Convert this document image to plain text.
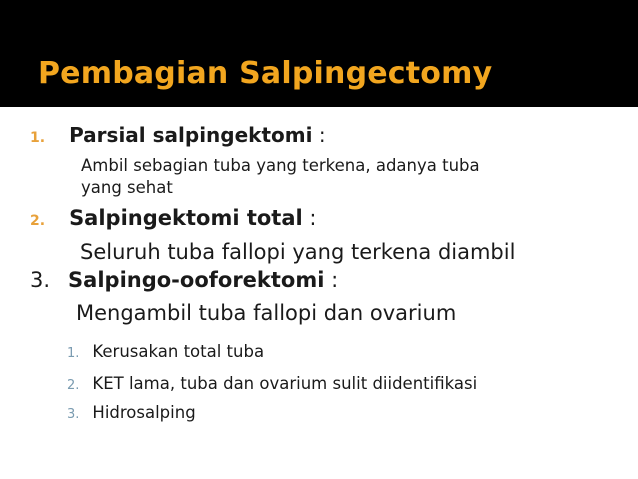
Pembagian Salpingectomy
1. Parsial salpingektomi :
Ambil sebagian tuba yang terkena, adanya tuba
yang sehat
2. Salpingektomi total :
Seluruh tuba fallopi yang terkena diambil
3. Salpingo-ooforektomi :
Mengambil tuba fallopi dan ovarium
1. Kerusakan total tuba
2. KET lama, tuba dan ovarium sulit diidentifikasi
3. Hidrosalping
